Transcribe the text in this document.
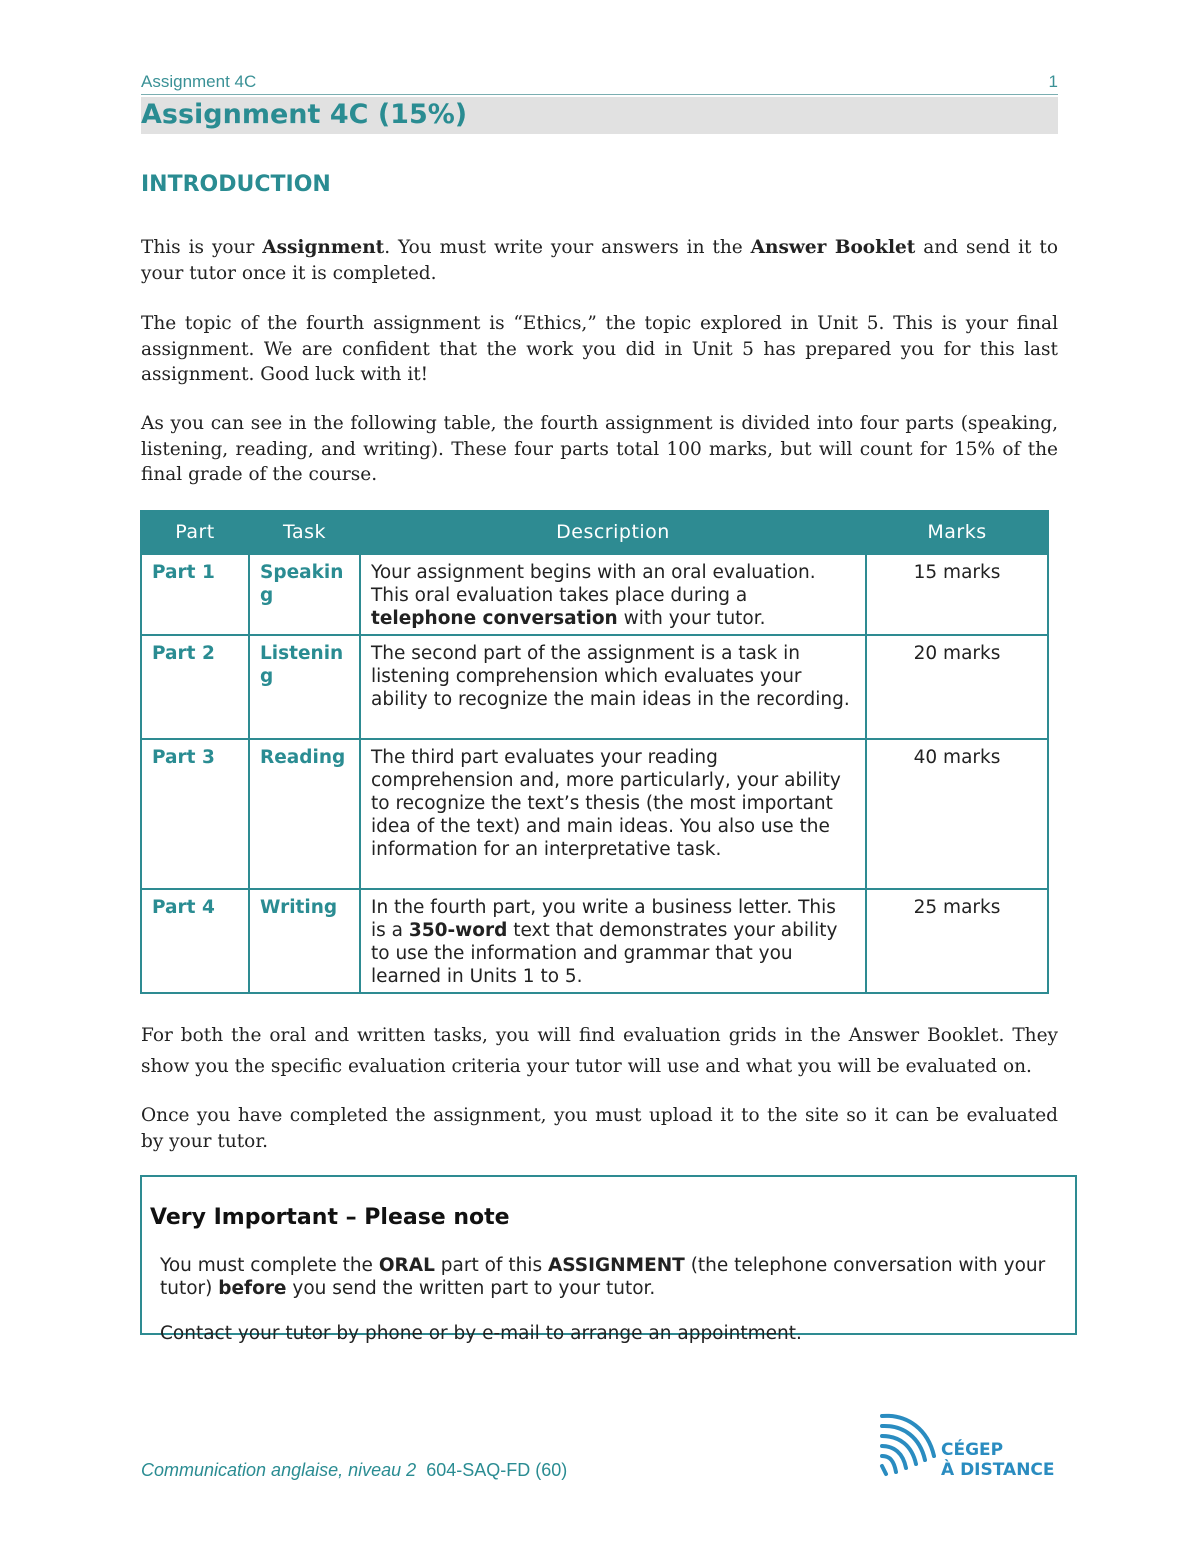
Assignment 4C	1
Assignment 4C (15%)
INTRODUCTION

This is your Assignment. You must write your answers in the Answer Booklet and send it to your tutor once it is completed.

The topic of the fourth assignment is “Ethics,” the topic explored in Unit 5. This is your final assignment. We are confident that the work you did in Unit 5 has prepared you for this last assignment. Good luck with it!

As you can see in the following table, the fourth assignment is divided into four parts (speaking, listening, reading, and writing). These four parts total 100 marks, but will count for 15% of the final grade of the course.

Part	Task	Description	Marks
Part 1	Speaking	Your assignment begins with an oral evaluation. This oral evaluation takes place during a telephone conversation with your tutor.	15 marks
Part 2	Listening	The second part of the assignment is a task in listening comprehension which evaluates your ability to recognize the main ideas in the recording.	20 marks
Part 3	Reading	The third part evaluates your reading comprehension and, more particularly, your ability to recognize the text’s thesis (the most important idea of the text) and main ideas. You also use the information for an interpretative task.	40 marks
Part 4	Writing	In the fourth part, you write a business letter. This is a 350-word text that demonstrates your ability to use the information and grammar that you learned in Units 1 to 5.	25 marks

For both the oral and written tasks, you will find evaluation grids in the Answer Booklet. They show you the specific evaluation criteria your tutor will use and what you will be evaluated on.

Once you have completed the assignment, you must upload it to the site so it can be evaluated by your tutor.

Very Important – Please note

You must complete the ORAL part of this ASSIGNMENT (the telephone conversation with your tutor) before you send the written part to your tutor.

Contact your tutor by phone or by e-mail to arrange an appointment.

Communication anglaise, niveau 2 604-SAQ-FD (60)
CÉGEP
À DISTANCE
